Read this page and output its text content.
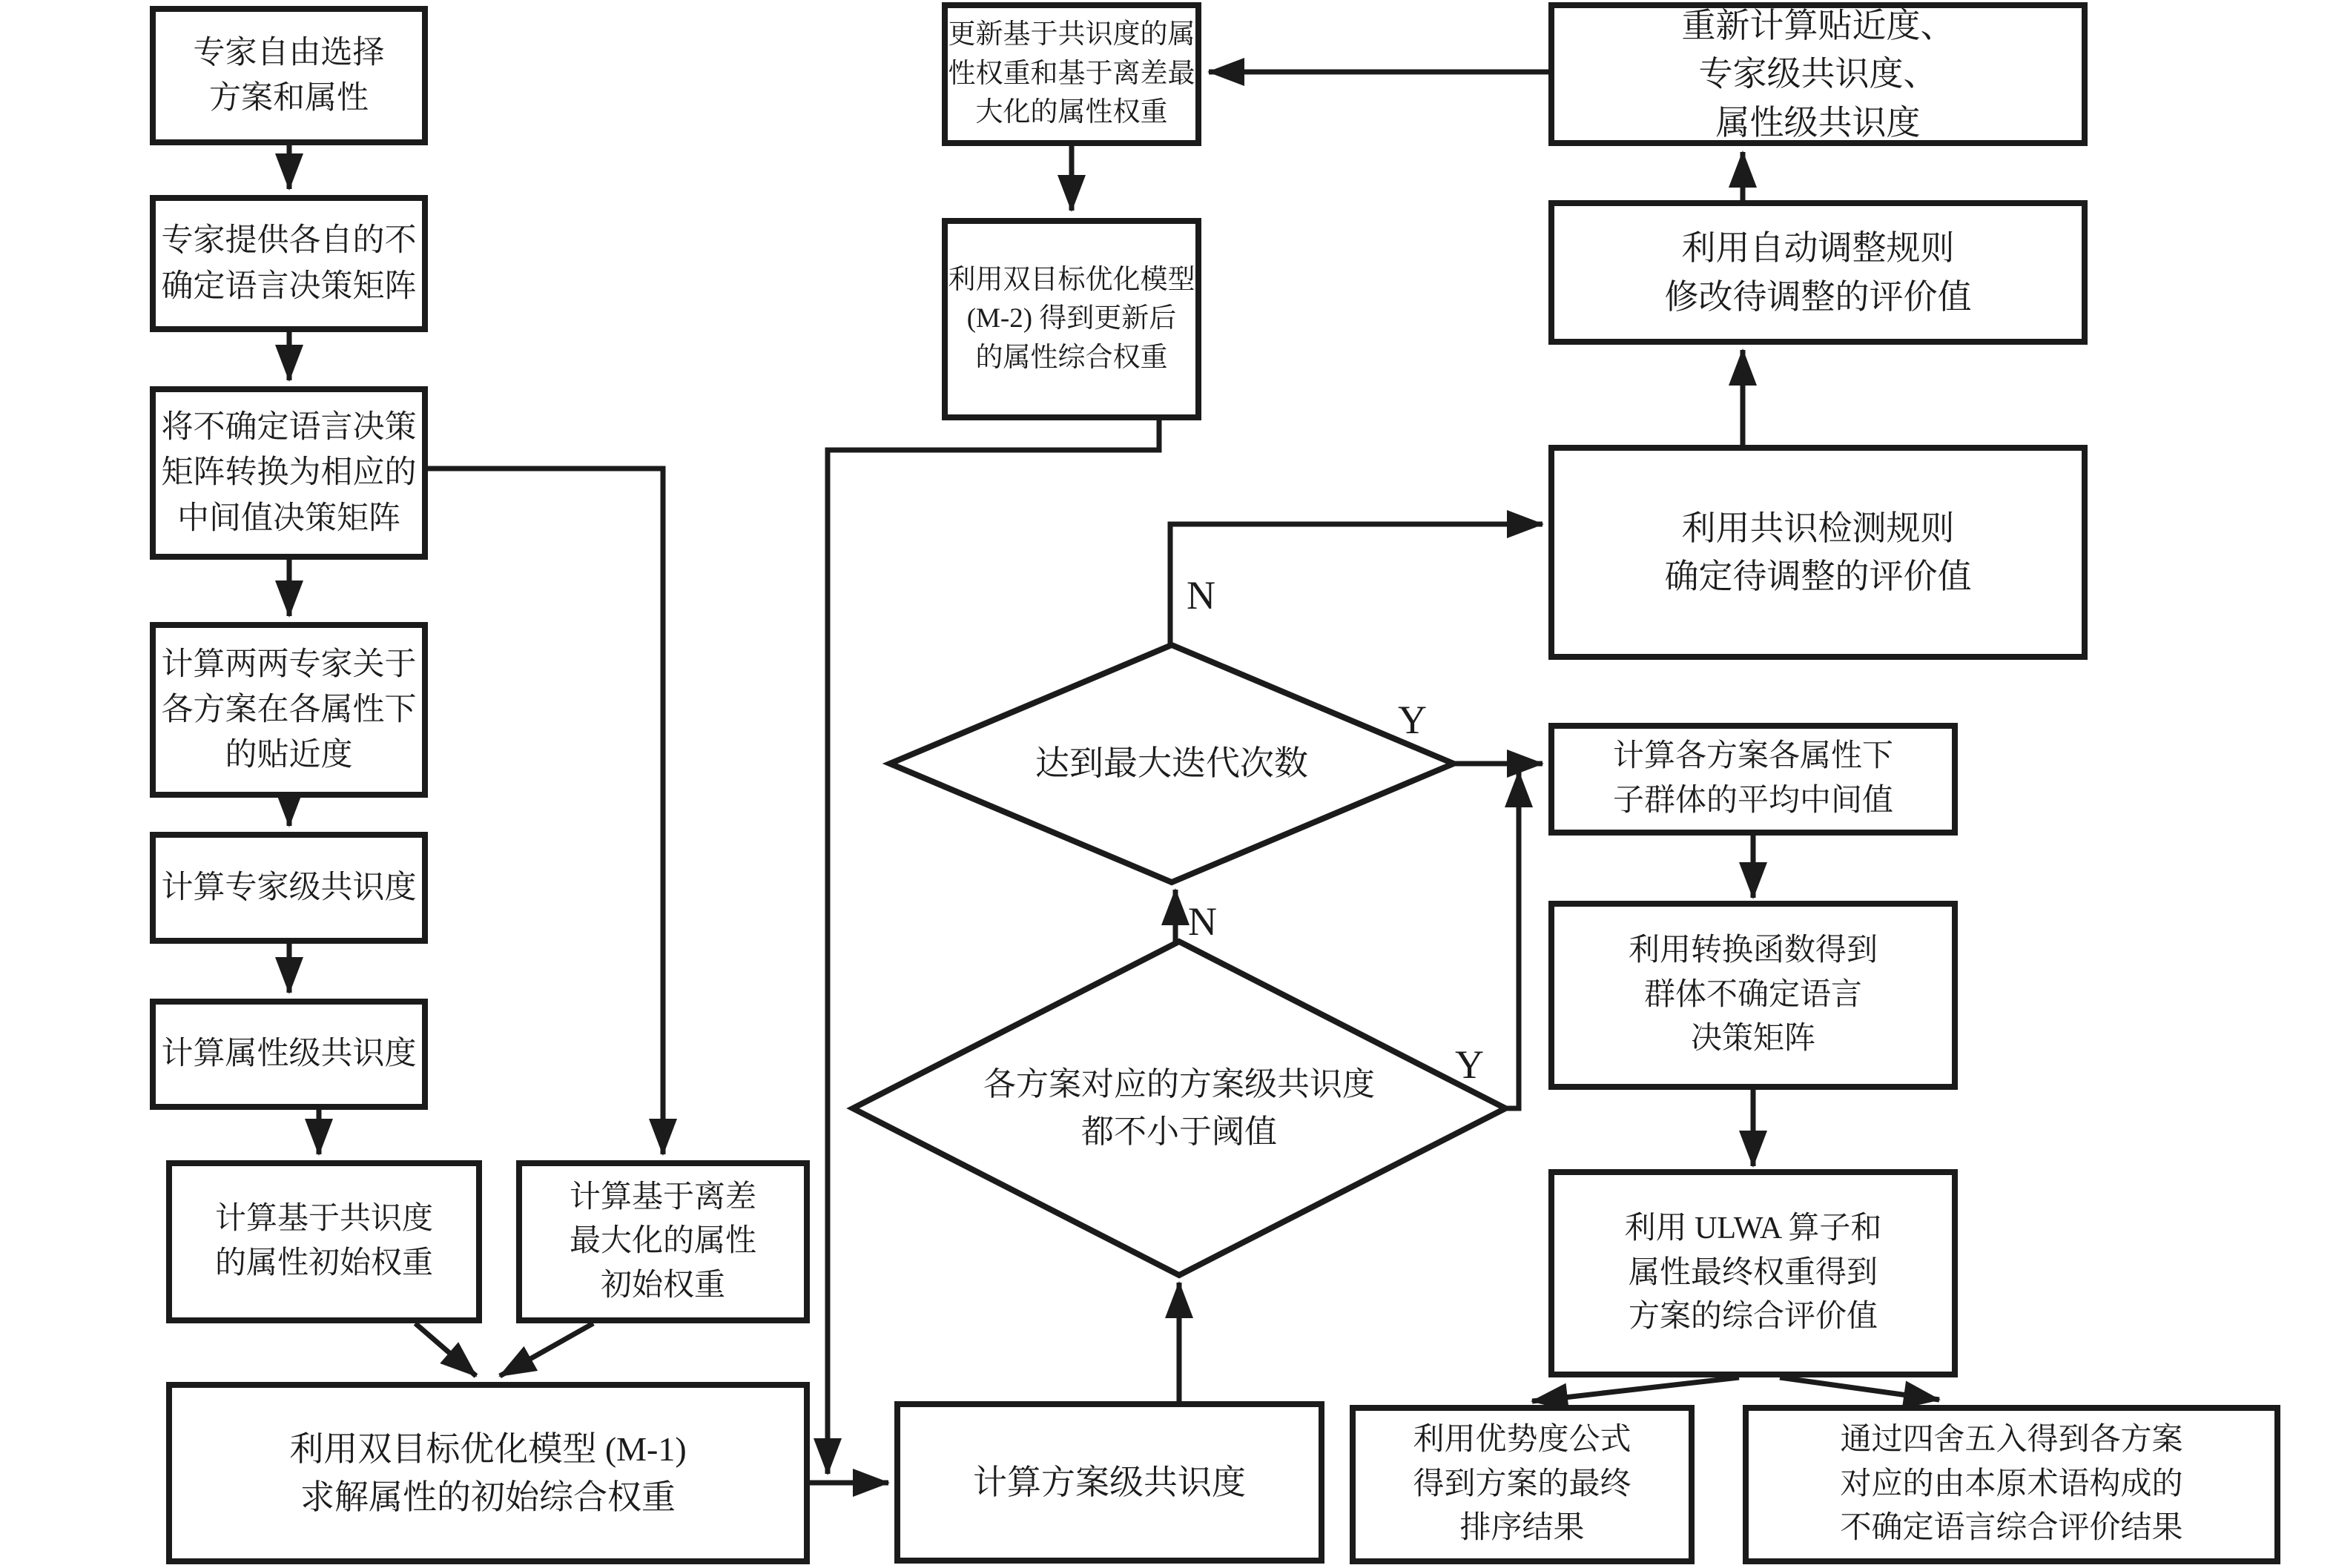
专家自由选择
方案和属性
专家提供各自的不
确定语言决策矩阵
将不确定语言决策
矩阵转换为相应的
中间值决策矩阵
计算两两专家关于
各方案在各属性下
的贴近度
计算专家级共识度
计算属性级共识度
计算基于共识度
的属性初始权重
计算基于离差
最大化的属性
初始权重
利用双目标优化模型 (M-1)
求解属性的初始综合权重
更新基于共识度的属
性权重和基于离差最
大化的属性权重
利用双目标优化模型
(M-2) 得到更新后
的属性综合权重
计算方案级共识度
达到最大迭代次数
各方案对应的方案级共识度
都不小于阈值
N
Y
N
Y
重新计算贴近度、
专家级共识度、
属性级共识度
利用自动调整规则
修改待调整的评价值
利用共识检测规则
确定待调整的评价值
计算各方案各属性下
子群体的平均中间值
利用转换函数得到
群体不确定语言
决策矩阵
利用 ULWA 算子和
属性最终权重得到
方案的综合评价值
利用优势度公式
得到方案的最终
排序结果
通过四舍五入得到各方案
对应的由本原术语构成的
不确定语言综合评价结果
